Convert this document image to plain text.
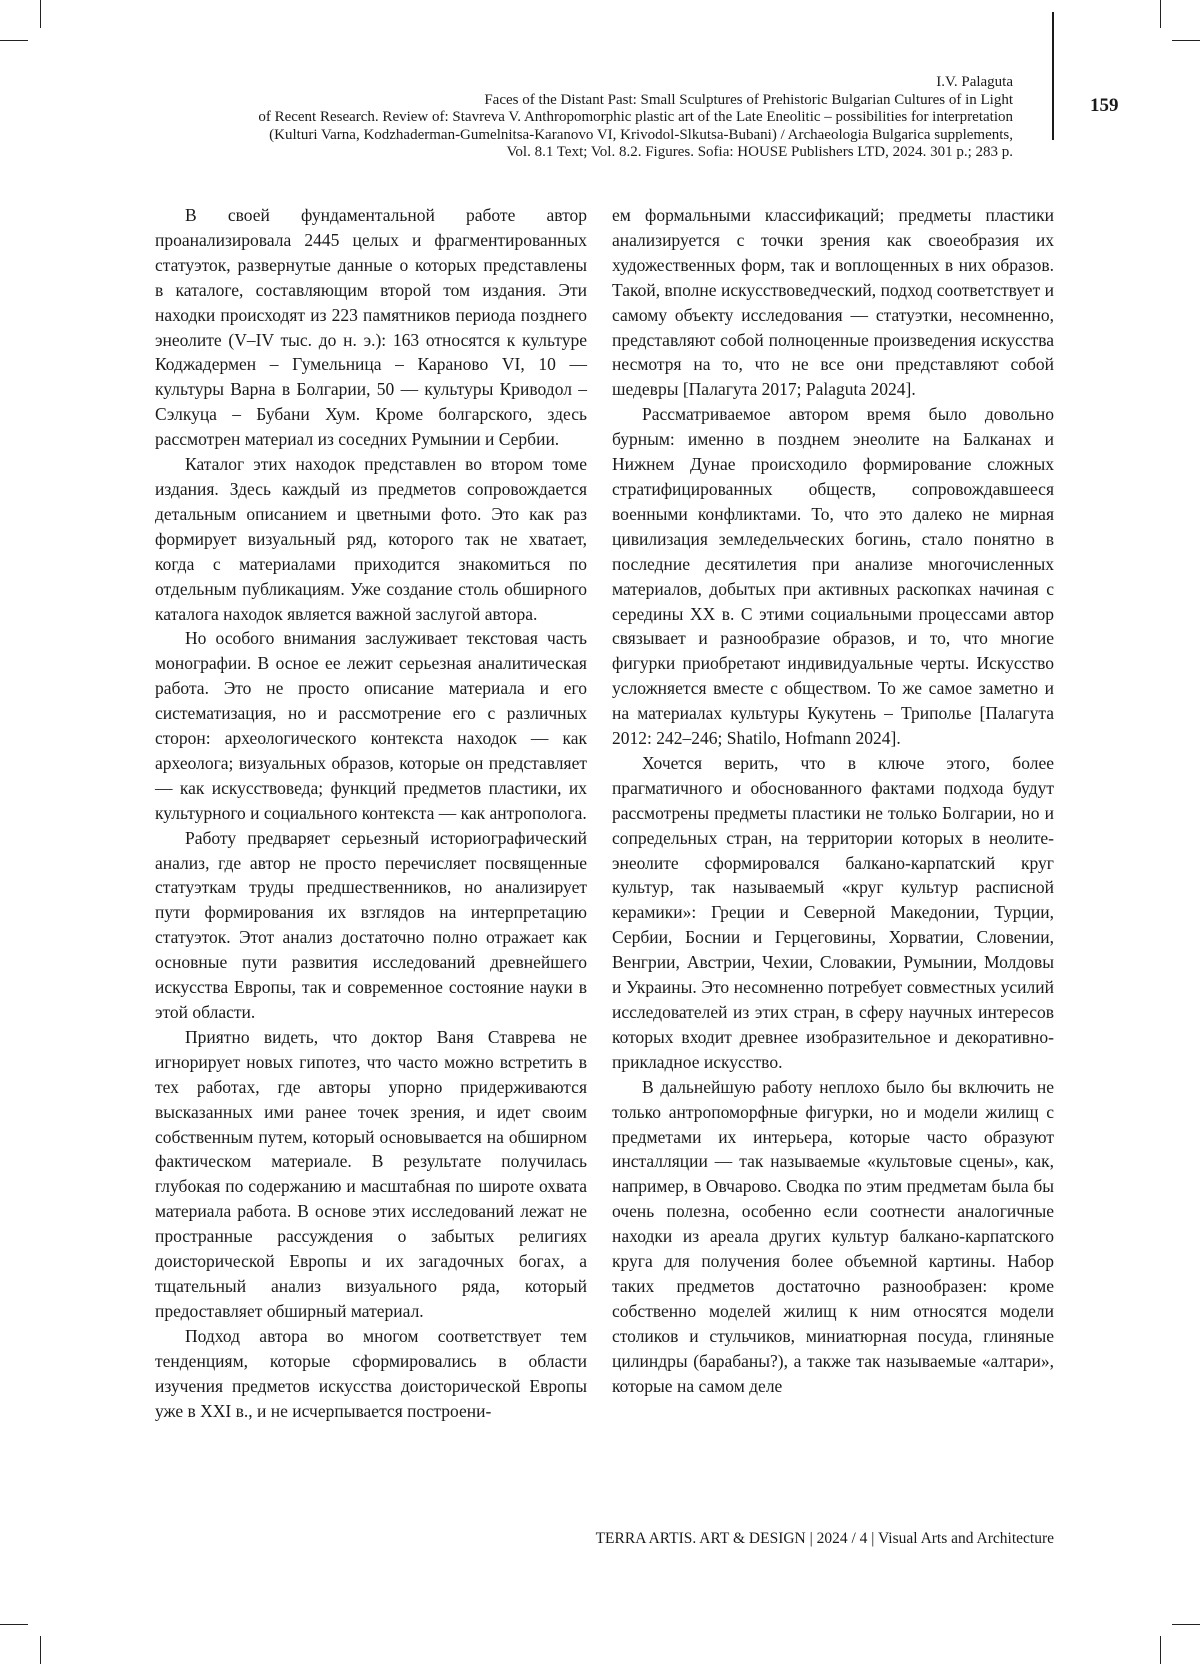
I.V. Palaguta
Faces of the Distant Past: Small Sculptures of Prehistoric Bulgarian Cultures of in Light
of Recent Research. Review of: Stavreva V. Anthropomorphic plastic art of the Late Eneolitic – possibilities for interpretation
(Kulturi Varna, Kodzhaderman-Gumelnitsa-Karanovo VI, Krivodol-Slkutsa-Bubani) / Archaeologia Bulgarica supplements,
Vol. 8.1 Text; Vol. 8.2. Figures. Sofia: HOUSE Publishers LTD, 2024. 301 p.; 283 p.
159

В своей фундаментальной работе автор проанализировала 2445 целых и фрагментированных статуэток, развернутые данные о которых представлены в каталоге, составляющим второй том издания. Эти находки происходят из 223 памятников периода позднего энеолите (V–IV тыс. до н. э.): 163 относятся к культуре Коджадермен – Гумельница – Караново VI, 10 — культуры Варна в Болгарии, 50 — культуры Криводол – Сэлкуца – Бубани Хум. Кроме болгарского, здесь рассмотрен материал из соседних Румынии и Сербии.

Каталог этих находок представлен во втором томе издания. Здесь каждый из предметов сопровождается детальным описанием и цветными фото. Это как раз формирует визуальный ряд, которого так не хватает, когда с материалами приходится знакомиться по отдельным публикациям. Уже создание столь обширного каталога находок является важной заслугой автора.

Но особого внимания заслуживает текстовая часть монографии. В осное ее лежит серьезная аналитическая работа. Это не просто описание материала и его систематизация, но и рассмотрение его с различных сторон: археологического контекста находок — как археолога; визуальных образов, которые он представляет — как искусствоведа; функций предметов пластики, их культурного и социального контекста — как антрополога.

Работу предваряет серьезный историографический анализ, где автор не просто перечисляет посвященные статуэткам труды предшественников, но анализирует пути формирования их взглядов на интерпретацию статуэток. Этот анализ достаточно полно отражает как основные пути развития исследований древнейшего искусства Европы, так и современное состояние науки в этой области.

Приятно видеть, что доктор Ваня Ставрева не игнорирует новых гипотез, что часто можно встретить в тех работах, где авторы упорно придерживаются высказанных ими ранее точек зрения, и идет своим собственным путем, который основывается на обширном фактическом материале. В результате получилась глубокая по содержанию и масштабная по широте охвата материала работа. В основе этих исследований лежат не пространные рассуждения о забытых религиях доисторической Европы и их загадочных богах, а тщательный анализ визуального ряда, который предоставляет обширный материал.

Подход автора во многом соответствует тем тенденциям, которые сформировались в области изучения предметов искусства доисторической Европы уже в XXI в., и не исчерпывается построени-

ем формальными классификаций; предметы пластики анализируется с точки зрения как своеобразия их художественных форм, так и воплощенных в них образов. Такой, вполне искусствоведческий, подход соответствует и самому объекту исследования — статуэтки, несомненно, представляют собой полноценные произведения искусства несмотря на то, что не все они представляют собой шедевры [Палагута 2017; Palaguta 2024].

Рассматриваемое автором время было довольно бурным: именно в позднем энеолите на Балканах и Нижнем Дунае происходило формирование сложных стратифицированных обществ, сопровождавшееся военными конфликтами. То, что это далеко не мирная цивилизация земледельческих богинь, стало понятно в последние десятилетия при анализе многочисленных материалов, добытых при активных раскопках начиная с середины XX в. С этими социальными процессами автор связывает и разнообразие образов, и то, что многие фигурки приобретают индивидуальные черты. Искусство усложняется вместе с обществом. То же самое заметно и на материалах культуры Кукутень – Триполье [Палагута 2012: 242–246; Shatilo, Hofmann 2024].

Хочется верить, что в ключе этого, более прагматичного и обоснованного фактами подхода будут рассмотрены предметы пластики не только Болгарии, но и сопредельных стран, на территории которых в неолите-энеолите сформировался балкано-карпатский круг культур, так называемый «круг культур расписной керамики»: Греции и Северной Македонии, Турции, Сербии, Боснии и Герцеговины, Хорватии, Словении, Венгрии, Австрии, Чехии, Словакии, Румынии, Молдовы и Украины. Это несомненно потребует совместных усилий исследователей из этих стран, в сферу научных интересов которых входит древнее изобразительное и декоративно-прикладное искусство.

В дальнейшую работу неплохо было бы включить не только антропоморфные фигурки, но и модели жилищ с предметами их интерьера, которые часто образуют инсталляции — так называемые «культовые сцены», как, например, в Овчарово. Сводка по этим предметам была бы очень полезна, особенно если соотнести аналогичные находки из ареала других культур балкано-карпатского круга для получения более объемной картины. Набор таких предметов достаточно разнообразен: кроме собственно моделей жилищ к ним относятся модели столиков и стульчиков, миниатюрная посуда, глиняные цилиндры (барабаны?), а также так называемые «алтари», которые на самом деле

TERRA ARTIS. ART & DESIGN | 2024 / 4 | Visual Arts and Architecture
